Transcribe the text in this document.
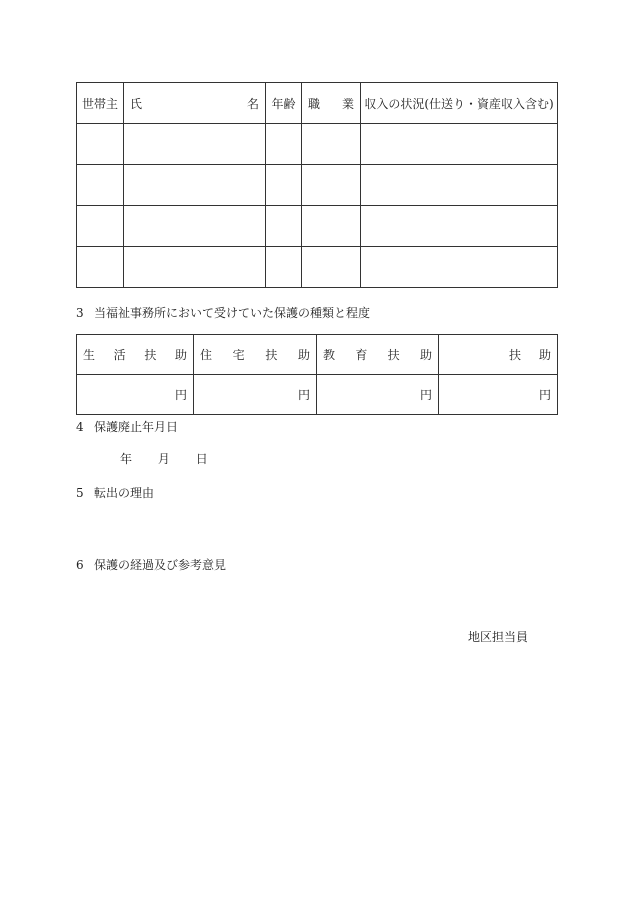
世帯主	氏 名	年齢	職 業	収入の状況(仕送り・資産収入含む)

3 当福祉事務所において受けていた保護の種類と程度
生 活 扶 助	住 宅 扶 助	教 育 扶 助	扶 助

円	円	円	円
4 保護廃止年月日
年 月 日
5 転出の理由
6 保護の経過及び参考意見
地区担当員
